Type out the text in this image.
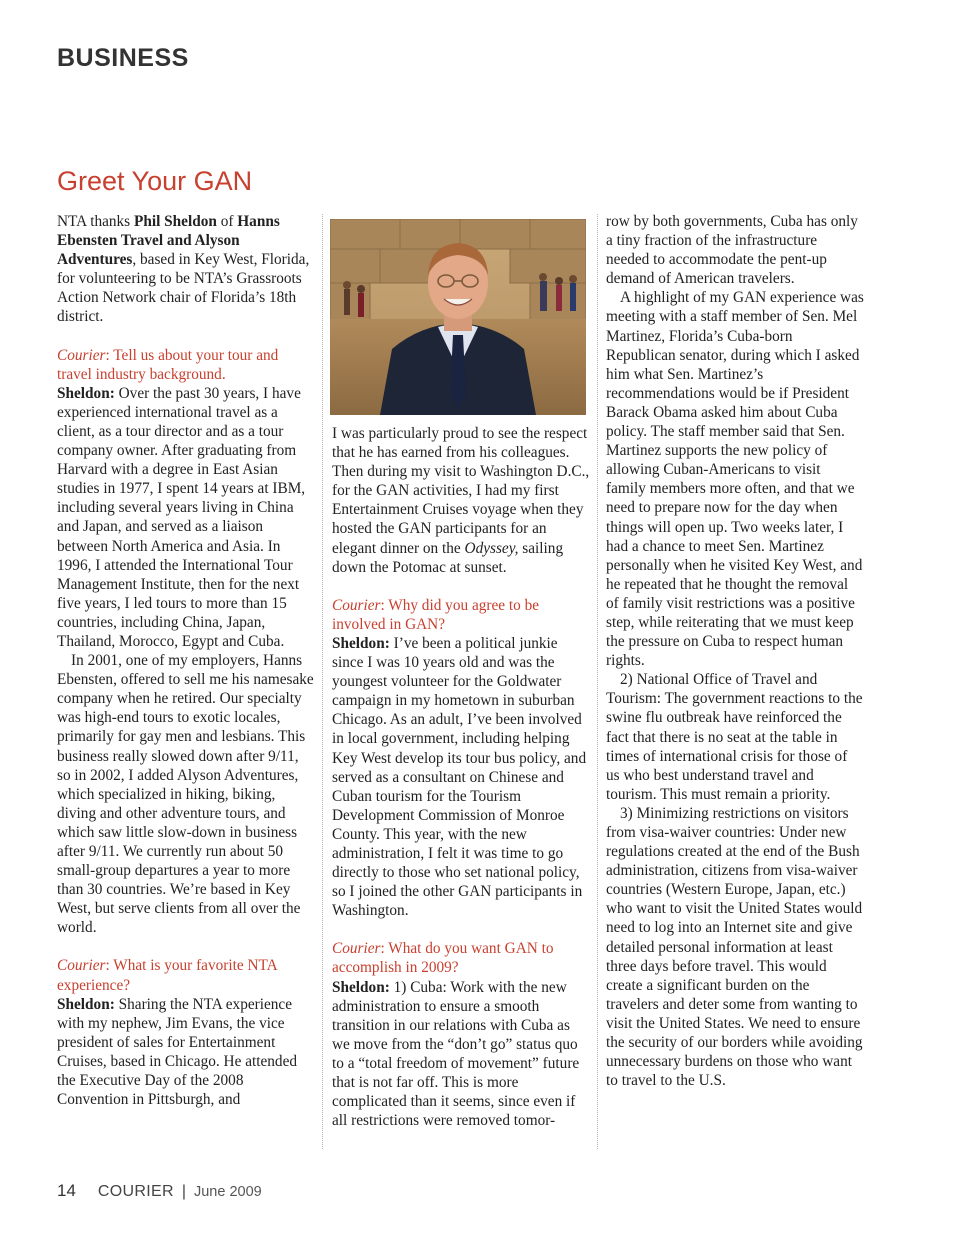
BUSINESS
Greet Your GAN

NTA thanks Phil Sheldon of Hanns Ebensten Travel and Alyson Adventures, based in Key West, Florida, for volunteering to be NTA’s Grassroots Action Network chair of Florida’s 18th district.

Courier: Tell us about your tour and travel industry background.

Sheldon: Over the past 30 years, I have experienced international travel as a client, as a tour director and as a tour company owner. After graduating from Harvard with a degree in East Asian studies in 1977, I spent 14 years at IBM, including several years living in China and Japan, and served as a liaison between North America and Asia. In 1996, I attended the International Tour Management Institute, then for the next five years, I led tours to more than 15 countries, including China, Japan, Thailand, Morocco, Egypt and Cuba.

In 2001, one of my employers, Hanns Ebensten, offered to sell me his namesake company when he retired. Our specialty was high-end tours to exotic locales, primarily for gay men and lesbians. This business really slowed down after 9/11, so in 2002, I added Alyson Adventures, which specialized in hiking, biking, diving and other adventure tours, and which saw little slow-down in business after 9/11. We currently run about 50 small-group departures a year to more than 30 countries. We’re based in Key West, but serve clients from all over the world.

Courier: What is your favorite NTA experience?

Sheldon: Sharing the NTA experience with my nephew, Jim Evans, the vice president of sales for Entertainment Cruises, based in Chicago. He attended the Executive Day of the 2008 Convention in Pittsburgh, and

I was particularly proud to see the respect that he has earned from his colleagues. Then during my visit to Washington D.C., for the GAN activities, I had my first Entertainment Cruises voyage when they hosted the GAN participants for an elegant dinner on the Odyssey, sailing down the Potomac at sunset.

Courier: Why did you agree to be involved in GAN?

Sheldon: I’ve been a political junkie since I was 10 years old and was the youngest volunteer for the Goldwater campaign in my hometown in suburban Chicago. As an adult, I’ve been involved in local government, including helping Key West develop its tour bus policy, and served as a consultant on Chinese and Cuban tourism for the Tourism Development Commission of Monroe County. This year, with the new administration, I felt it was time to go directly to those who set national policy, so I joined the other GAN participants in Washington.

Courier: What do you want GAN to accomplish in 2009?

Sheldon: 1) Cuba: Work with the new administration to ensure a smooth transition in our relations with Cuba as we move from the “don’t go” status quo to a “total freedom of movement” future that is not far off. This is more complicated than it seems, since even if all restrictions were removed tomor-

row by both governments, Cuba has only a tiny fraction of the infrastructure needed to accommodate the pent-up demand of American travelers.

A highlight of my GAN experience was meeting with a staff member of Sen. Mel Martinez, Florida’s Cuba-born Republican senator, during which I asked him what Sen. Martinez’s recommendations would be if President Barack Obama asked him about Cuba policy. The staff member said that Sen. Martinez supports the new policy of allowing Cuban-Americans to visit family members more often, and that we need to prepare now for the day when things will open up. Two weeks later, I had a chance to meet Sen. Martinez personally when he visited Key West, and he repeated that he thought the removal of family visit restrictions was a positive step, while reiterating that we must keep the pressure on Cuba to respect human rights.

2) National Office of Travel and Tourism: The government reactions to the swine flu outbreak have reinforced the fact that there is no seat at the table in times of international crisis for those of us who best understand travel and tourism. This must remain a priority.

3) Minimizing restrictions on visitors from visa-waiver countries: Under new regulations created at the end of the Bush administration, citizens from visa-waiver countries (Western Europe, Japan, etc.) who want to visit the United States would need to log into an Internet site and give detailed personal information at least three days before travel. This would create a significant burden on the travelers and deter some from wanting to visit the United States. We need to ensure the security of our borders while avoiding unnecessary burdens on those who want to travel to the U.S.

14 COURIER | June 2009
